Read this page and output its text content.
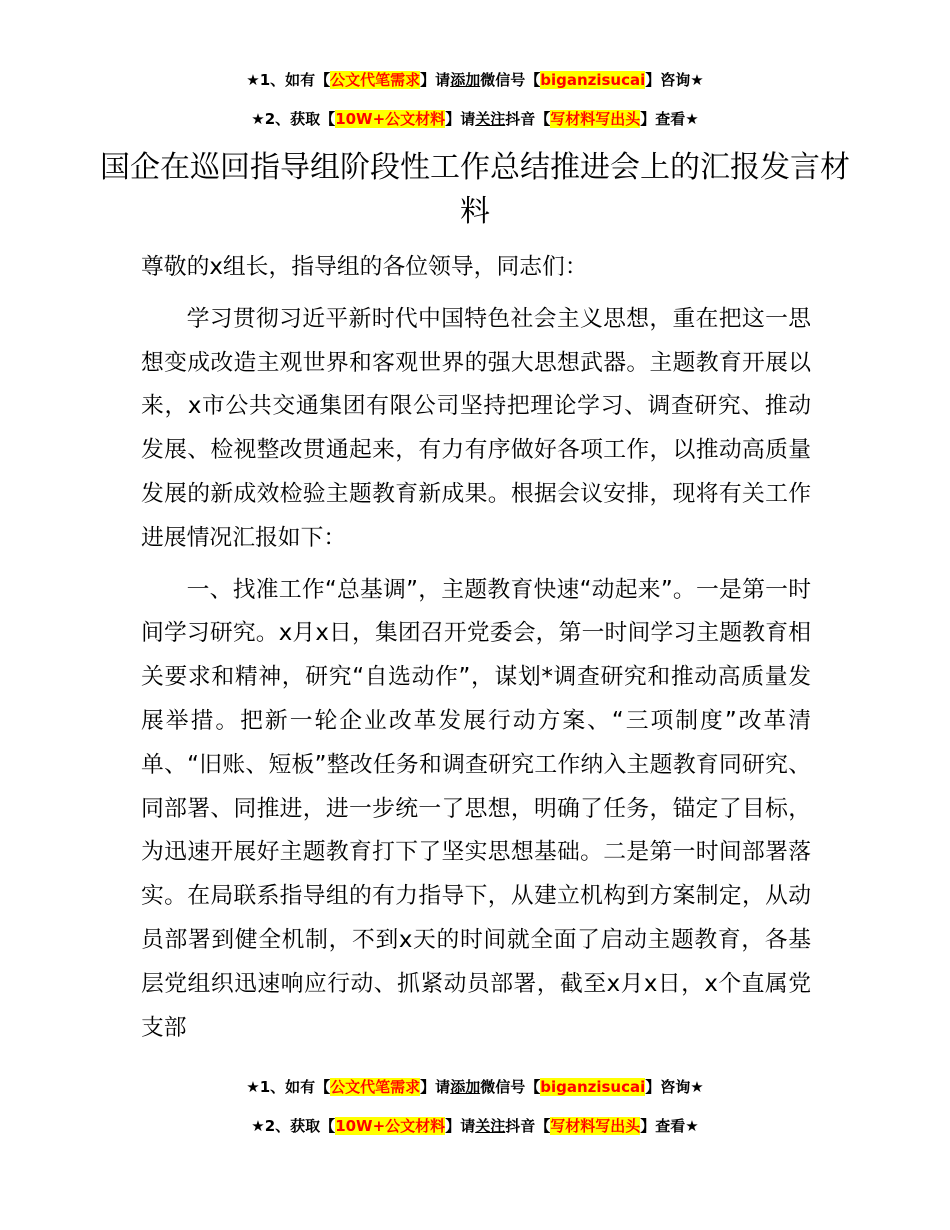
★1、如有【公文代笔需求】请添加微信号【biganzisucai】咨询★
★2、获取【10W+公文材料】请关注抖音【写材料写出头】查看★
国企在巡回指导组阶段性工作总结推进会上的汇报发言材料

尊敬的x组长，指导组的各位领导，同志们：

学习贯彻习近平新时代中国特色社会主义思想，重在把这一思想变成改造主观世界和客观世界的强大思想武器。主题教育开展以来，x市公共交通集团有限公司坚持把理论学习、调查研究、推动发展、检视整改贯通起来，有力有序做好各项工作，以推动高质量发展的新成效检验主题教育新成果。根据会议安排，现将有关工作进展情况汇报如下：

一、找准工作“总基调”，主题教育快速“动起来”。一是第一时间学习研究。x月x日，集团召开党委会，第一时间学习主题教育相关要求和精神，研究“自选动作”，谋划*调查研究和推动高质量发展举措。把新一轮企业改革发展行动方案、“三项制度”改革清单、“旧账、短板”整改任务和调查研究工作纳入主题教育同研究、同部署、同推进，进一步统一了思想，明确了任务，锚定了目标，为迅速开展好主题教育打下了坚实思想基础。二是第一时间部署落实。在局联系指导组的有力指导下，从建立机构到方案制定，从动员部署到健全机制，不到x天的时间就全面了启动主题教育，各基层党组织迅速响应行动、抓紧动员部署，截至x月x日，x个直属党支部

★1、如有【公文代笔需求】请添加微信号【biganzisucai】咨询★
★2、获取【10W+公文材料】请关注抖音【写材料写出头】查看★
